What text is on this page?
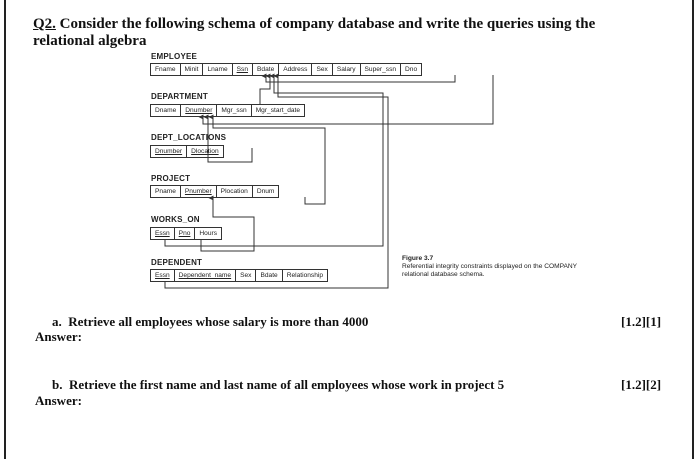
Q2. Consider the following schema of company database and write the queries using the relational algebra
EMPLOYEE
Fname	Minit	Lname	Ssn	Bdate	Address	Sex	Salary	Super_ssn	Dno
DEPARTMENT
Dname	Dnumber	Mgr_ssn	Mgr_start_date
DEPT_LOCATIONS
Dnumber	Dlocation
PROJECT
Pname	Pnumber	Plocation	Dnum
WORKS_ON
Essn	Pno	Hours
DEPENDENT
Essn	Dependent_name	Sex	Bdate	Relationship
Figure 3.7
Referential integrity constraints displayed on the COMPANY relational database schema.
a. Retrieve all employees whose salary is more than 4000	[1.2][1]
Answer:
b. Retrieve the first name and last name of all employees whose work in project 5	[1.2][2]
Answer:
